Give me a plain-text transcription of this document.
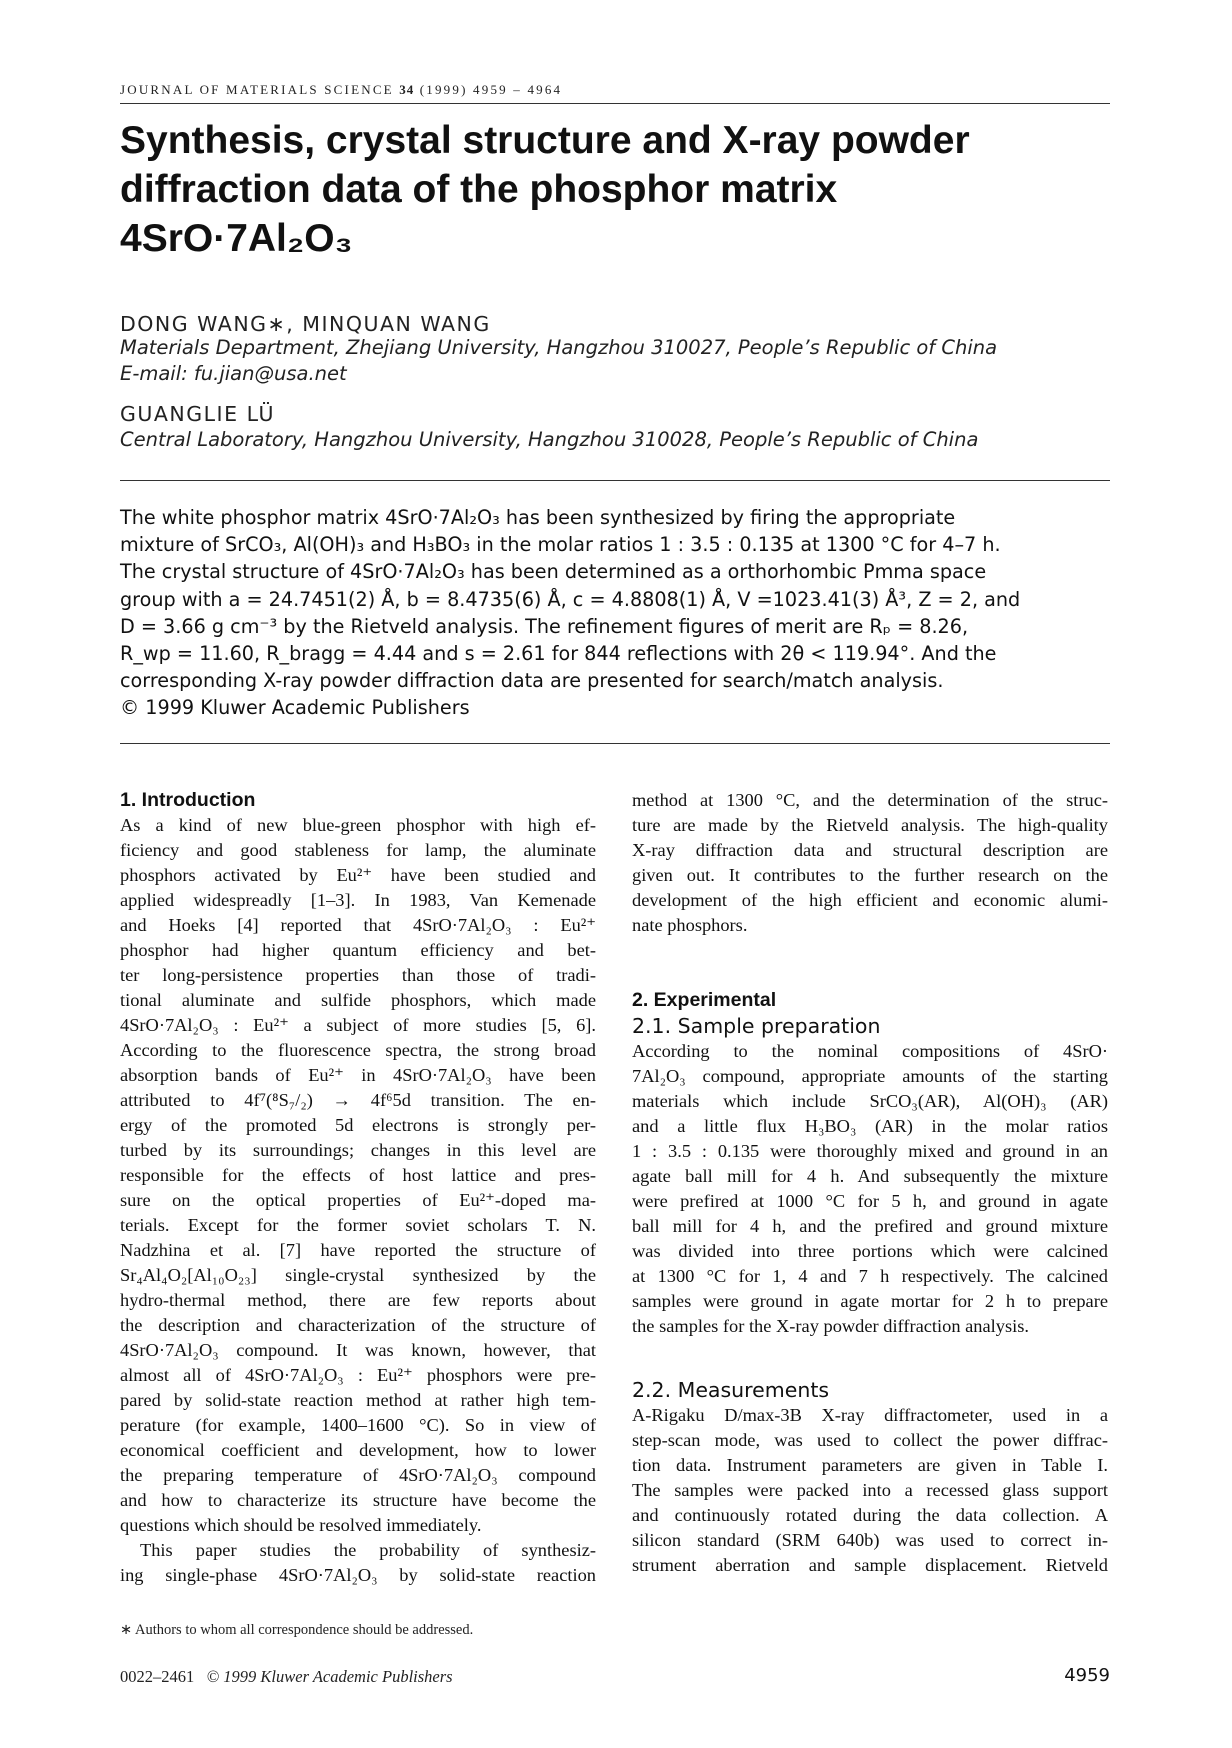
JOURNAL OF MATERIALS SCIENCE 34 (1999) 4959 – 4964
Synthesis, crystal structure and X-ray powder
diffraction data of the phosphor matrix
4SrO·7Al₂O₃
DONG WANG∗, MINQUAN WANG
Materials Department, Zhejiang University, Hangzhou 310027, People’s Republic of China
E-mail: fu.jian@usa.net
GUANGLIE LÜ
Central Laboratory, Hangzhou University, Hangzhou 310028, People’s Republic of China
The white phosphor matrix 4SrO·7Al₂O₃ has been synthesized by firing the appropriate
mixture of SrCO₃, Al(OH)₃ and H₃BO₃ in the molar ratios 1 : 3.5 : 0.135 at 1300 °C for 4–7 h.
The crystal structure of 4SrO·7Al₂O₃ has been determined as a orthorhombic Pmma space
group with a = 24.7451(2) Å, b = 8.4735(6) Å, c = 4.8808(1) Å, V =1023.41(3) Å³, Z = 2, and
D = 3.66 g cm⁻³ by the Rietveld analysis. The refinement figures of merit are Rₚ = 8.26,
R_wp = 11.60, R_bragg = 4.44 and s = 2.61 for 844 reflections with 2θ < 119.94°. And the
corresponding X-ray powder diffraction data are presented for search/match analysis.
© 1999 Kluwer Academic Publishers
1. Introduction

As a kind of new blue-green phosphor with high ef-
ficiency and good stableness for lamp, the aluminate
phosphors activated by Eu²⁺ have been studied and
applied widespreadly [1–3]. In 1983, Van Kemenade
and Hoeks [4] reported that 4SrO·7Al₂O₃ : Eu²⁺
phosphor had higher quantum efficiency and bet-
ter long-persistence properties than those of tradi-
tional aluminate and sulfide phosphors, which made
4SrO·7Al₂O₃ : Eu²⁺ a subject of more studies [5, 6].
According to the fluorescence spectra, the strong broad
absorption bands of Eu²⁺ in 4SrO·7Al₂O₃ have been
attributed to 4f⁷(⁸S₇/₂) → 4f⁶5d transition. The en-
ergy of the promoted 5d electrons is strongly per-
turbed by its surroundings; changes in this level are
responsible for the effects of host lattice and pres-
sure on the optical properties of Eu²⁺-doped ma-
terials. Except for the former soviet scholars T. N.
Nadzhina et al. [7] have reported the structure of
Sr₄Al₄O₂[Al₁₀O₂₃] single-crystal synthesized by the
hydro-thermal method, there are few reports about
the description and characterization of the structure of
4SrO·7Al₂O₃ compound. It was known, however, that
almost all of 4SrO·7Al₂O₃ : Eu²⁺ phosphors were pre-
pared by solid-state reaction method at rather high tem-
perature (for example, 1400–1600 °C). So in view of
economical coefficient and development, how to lower
the preparing temperature of 4SrO·7Al₂O₃ compound
and how to characterize its structure have become the
questions which should be resolved immediately.

This paper studies the probability of synthesiz-
ing single-phase 4SrO·7Al₂O₃ by solid-state reaction

method at 1300 °C, and the determination of the struc-
ture are made by the Rietveld analysis. The high-quality
X-ray diffraction data and structural description are
given out. It contributes to the further research on the
development of the high efficient and economic alumi-
nate phosphors.

2. Experimental
2.1. Sample preparation

According to the nominal compositions of 4SrO·
7Al₂O₃ compound, appropriate amounts of the starting
materials which include SrCO₃(AR), Al(OH)₃ (AR)
and a little flux H₃BO₃ (AR) in the molar ratios
1 : 3.5 : 0.135 were thoroughly mixed and ground in an
agate ball mill for 4 h. And subsequently the mixture
were prefired at 1000 °C for 5 h, and ground in agate
ball mill for 4 h, and the prefired and ground mixture
was divided into three portions which were calcined
at 1300 °C for 1, 4 and 7 h respectively. The calcined
samples were ground in agate mortar for 2 h to prepare
the samples for the X-ray powder diffraction analysis.

2.2. Measurements

A-Rigaku D/max-3B X-ray diffractometer, used in a
step-scan mode, was used to collect the power diffrac-
tion data. Instrument parameters are given in Table I.
The samples were packed into a recessed glass support
and continuously rotated during the data collection. A
silicon standard (SRM 640b) was used to correct in-
strument aberration and sample displacement. Rietveld

∗ Authors to whom all correspondence should be addressed.
0022–2461 © 1999 Kluwer Academic Publishers	4959
